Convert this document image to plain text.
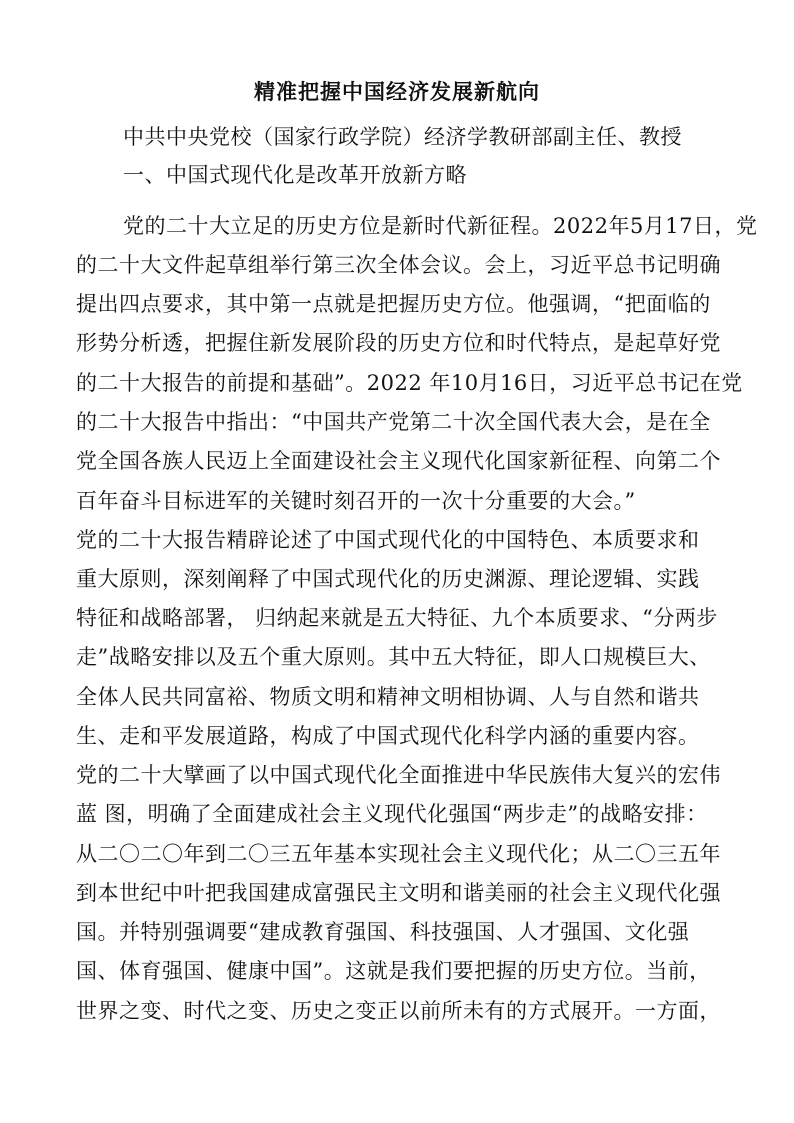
精准把握中国经济发展新航向
中共中央党校（国家行政学院）经济学教研部副主任、教授
一、中国式现代化是改革开放新方略
党的二十大立足的历史方位是新时代新征程。2022年5月17日，党
的二十大文件起草组举行第三次全体会议。会上，习近平总书记明确
提出四点要求，其中第一点就是把握历史方位。他强调，“把面临的
形势分析透，把握住新发展阶段的历史方位和时代特点，是起草好党
的二十大报告的前提和基础”。2022 年10月16日，习近平总书记在党
的二十大报告中指出：“中国共产党第二十次全国代表大会，是在全
党全国各族人民迈上全面建设社会主义现代化国家新征程、向第二个
百年奋斗目标进军的关键时刻召开的一次十分重要的大会。”
党的二十大报告精辟论述了中国式现代化的中国特色、本质要求和
重大原则，深刻阐释了中国式现代化的历史渊源、理论逻辑、实践
特征和战略部署， 归纳起来就是五大特征、九个本质要求、“分两步
走”战略安排以及五个重大原则。其中五大特征，即人口规模巨大、
全体人民共同富裕、物质文明和精神文明相协调、人与自然和谐共
生、走和平发展道路，构成了中国式现代化科学内涵的重要内容。
党的二十大擘画了以中国式现代化全面推进中华民族伟大复兴的宏伟
蓝 图，明确了全面建成社会主义现代化强国“两步走”的战略安排：
从二〇二〇年到二〇三五年基本实现社会主义现代化；从二〇三五年
到本世纪中叶把我国建成富强民主文明和谐美丽的社会主义现代化强
国。并特别强调要“建成教育强国、科技强国、人才强国、文化强
国、体育强国、健康中国”。这就是我们要把握的历史方位。当前，
世界之变、时代之变、历史之变正以前所未有的方式展开。一方面，
